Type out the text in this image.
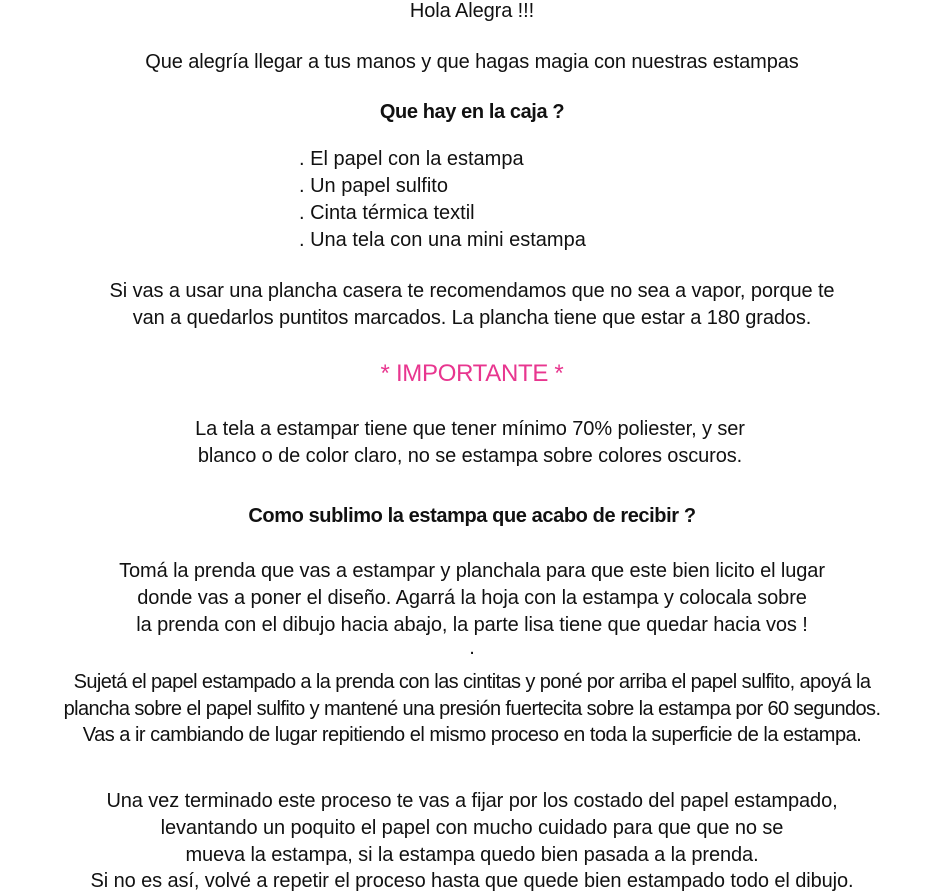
Hola Alegra !!!
Que alegría llegar a tus manos y que hagas magia con nuestras estampas
Que hay en la caja ?
. El papel con la estampa
. Un papel sulfito
. Cinta térmica textil
. Una tela con una mini estampa
Si vas a usar una plancha casera te recomendamos que no sea a vapor, porque te
van a quedarlos puntitos marcados. La plancha tiene que estar a 180 grados.
* IMPORTANTE *
La tela a estampar tiene que tener mínimo 70% poliester, y ser
blanco o de color claro, no se estampa sobre colores oscuros.
Como sublimo la estampa que acabo de recibir ?
Tomá la prenda que vas a estampar y planchala para que este bien licito el lugar
donde vas a poner el diseño. Agarrá la hoja con la estampa y colocala sobre
la prenda con el dibujo hacia abajo, la parte lisa tiene que quedar hacia vos !
.
Sujetá el papel estampado a la prenda con las cintitas y poné por arriba el papel sulfito, apoyá la
plancha sobre el papel sulfito y mantené una presión fuertecita sobre la estampa por 60 segundos.
Vas a ir cambiando de lugar repitiendo el mismo proceso en toda la superficie de la estampa.
Una vez terminado este proceso te vas a fijar por los costado del papel estampado,
levantando un poquito el papel con mucho cuidado para que que no se
mueva la estampa, si la estampa quedo bien pasada a la prenda.
Si no es así, volvé a repetir el proceso hasta que quede bien estampado todo el dibujo.
